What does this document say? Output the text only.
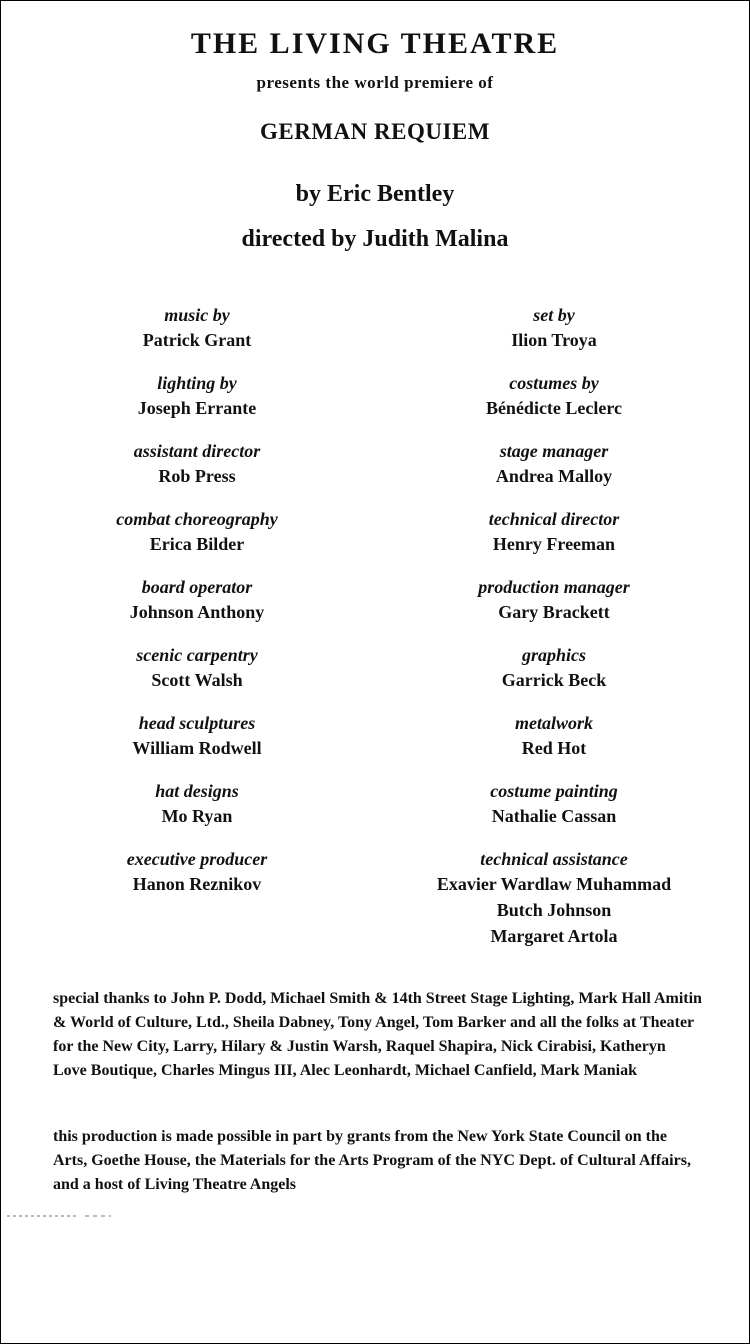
THE LIVING THEATRE
presents the world premiere of
GERMAN REQUIEM
by Eric Bentley
directed by Judith Malina
music by
Patrick Grant
lighting by
Joseph Errante
assistant director
Rob Press
combat choreography
Erica Bilder
board operator
Johnson Anthony
scenic carpentry
Scott Walsh
head sculptures
William Rodwell
hat designs
Mo Ryan
executive producer
Hanon Reznikov
set by
Ilion Troya
costumes by
Bénédicte Leclerc
stage manager
Andrea Malloy
technical director
Henry Freeman
production manager
Gary Brackett
graphics
Garrick Beck
metalwork
Red Hot
costume painting
Nathalie Cassan
technical assistance
Exavier Wardlaw Muhammad
Butch Johnson
Margaret Artola
special thanks to John P. Dodd, Michael Smith & 14th Street Stage Lighting, Mark Hall Amitin & World of Culture, Ltd., Sheila Dabney, Tony Angel, Tom Barker and all the folks at Theater for the New City, Larry, Hilary & Justin Warsh, Raquel Shapira, Nick Cirabisi, Katheryn Love Boutique, Charles Mingus III, Alec Leonhardt, Michael Canfield, Mark Maniak
this production is made possible in part by grants from the New York State Council on the Arts, Goethe House, the Materials for the Arts Program of the NYC Dept. of Cultural Affairs, and a host of Living Theatre Angels
